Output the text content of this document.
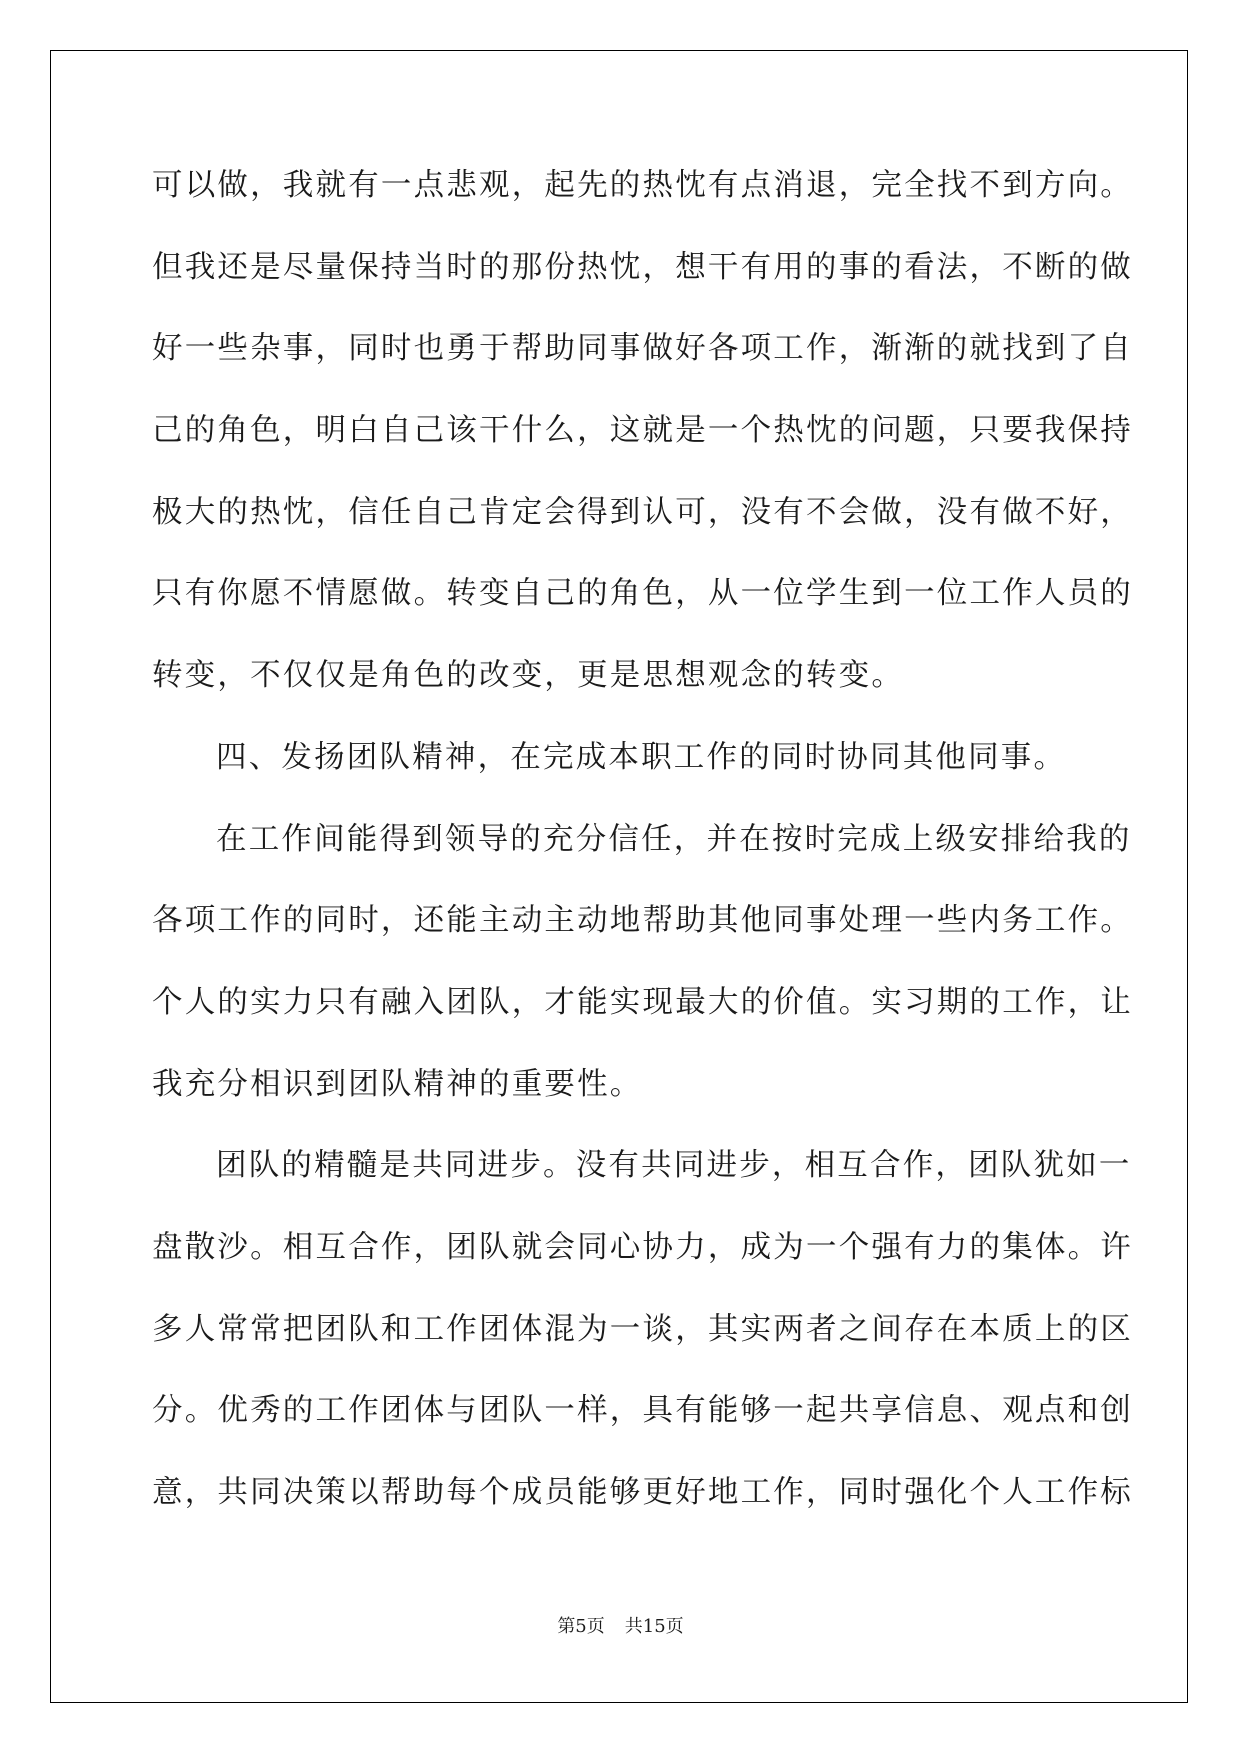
可以做，我就有一点悲观，起先的热忱有点消退，完全找不到方向。
但我还是尽量保持当时的那份热忱，想干有用的事的看法，不断的做
好一些杂事，同时也勇于帮助同事做好各项工作，渐渐的就找到了自
己的角色，明白自己该干什么，这就是一个热忱的问题，只要我保持
极大的热忱，信任自己肯定会得到认可，没有不会做，没有做不好，
只有你愿不情愿做。转变自己的角色，从一位学生到一位工作人员的
转变，不仅仅是角色的改变，更是思想观念的转变。
四、发扬团队精神，在完成本职工作的同时协同其他同事。
在工作间能得到领导的充分信任，并在按时完成上级安排给我的
各项工作的同时，还能主动主动地帮助其他同事处理一些内务工作。
个人的实力只有融入团队，才能实现最大的价值。实习期的工作，让
我充分相识到团队精神的重要性。
团队的精髓是共同进步。没有共同进步，相互合作，团队犹如一
盘散沙。相互合作，团队就会同心协力，成为一个强有力的集体。许
多人常常把团队和工作团体混为一谈，其实两者之间存在本质上的区
分。优秀的工作团体与团队一样，具有能够一起共享信息、观点和创
意，共同决策以帮助每个成员能够更好地工作，同时强化个人工作标
第5页 共15页
